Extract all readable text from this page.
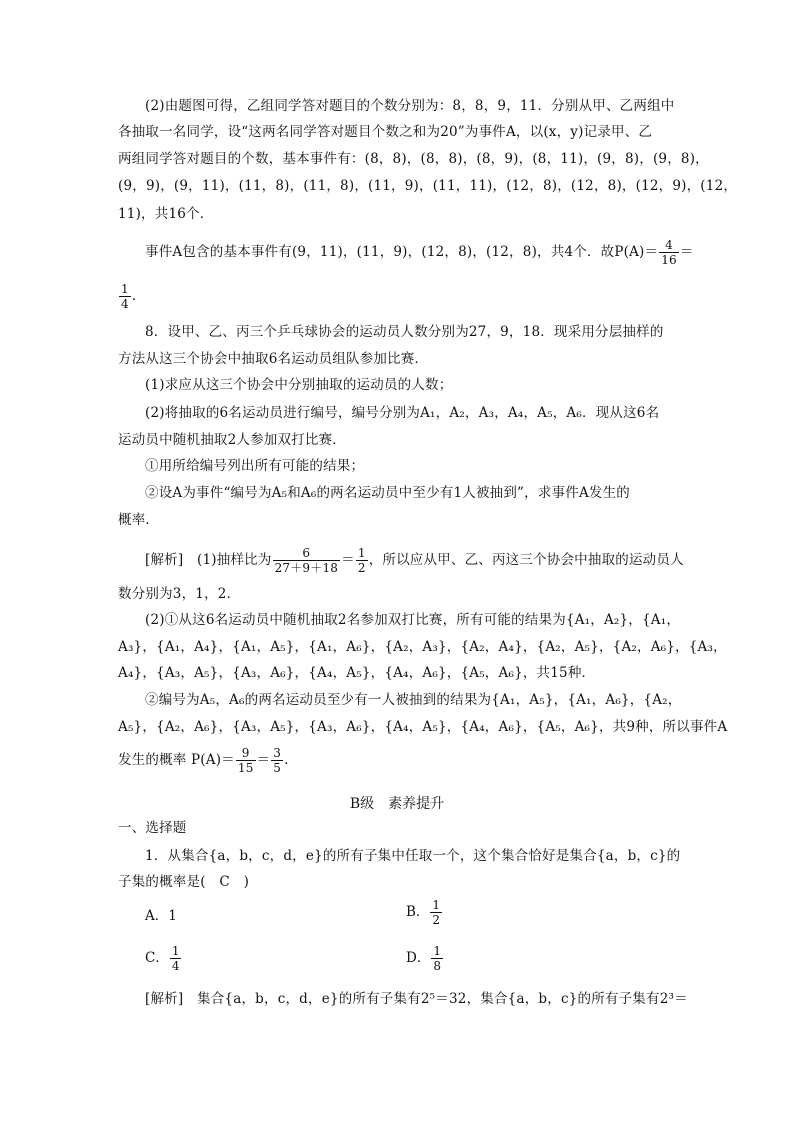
(2)由题图可得，乙组同学答对题目的个数分别为：8，8，9，11．分别从甲、乙两组中
各抽取一名同学，设“这两名同学答对题目个数之和为20”为事件A，以(x，y)记录甲、乙
两组同学答对题目的个数，基本事件有：(8，8)，(8，8)，(8，9)，(8，11)，(9，8)，(9，8)，
(9，9)，(9，11)，(11，8)，(11，8)，(11，9)，(11，11)，(12，8)，(12，8)，(12，9)，(12，
11)，共16个．
事件A包含的基本事件有(9，11)，(11，9)，(12，8)，(12，8)，共4个．故$P(A)= \frac{4}{16}$ ＝
$\frac{1}{4}$ .
8．设甲、乙、丙三个乒乓球协会的运动员人数分别为27，9，18．现采用分层抽样的
方法从这三个协会中抽取6名运动员组队参加比赛．
(1)求应从这三个协会中分别抽取的运动员的人数；
(2)将抽取的6名运动员进行编号，编号分别为A₁，A₂，A₃，A₄，A₅，A₆．现从这6名
运动员中随机抽取2人参加双打比赛．
①用所给编号列出所有可能的结果；
②设A为事件“编号为A₅和A₆的两名运动员中至少有1人被抽到”，求事件A发生的
概率．
[解析]　(1)抽样比为 $\frac{6}{27+9+18} = \frac{1}{2}$ ，所以应从甲、乙、丙这三个协会中抽取的运动员人
数分别为3，1，2．
(2)①从这6名运动员中随机抽取2名参加双打比赛，所有可能的结果为{A₁，A₂}，{A₁，
A₃}，{A₁，A₄}，{A₁，A₅}，{A₁，A₆}，{A₂，A₃}，{A₂，A₄}，{A₂，A₅}，{A₂，A₆}，{A₃，
A₄}，{A₃，A₅}，{A₃，A₆}，{A₄，A₅}，{A₄，A₆}，{A₅，A₆}，共15种．
②编号为A₅，A₆的两名运动员至少有一人被抽到的结果为{A₁，A₅}，{A₁，A₆}，{A₂，
A₅}，{A₂，A₆}，{A₃，A₅}，{A₃，A₆}，{A₄，A₅}，{A₄，A₆}，{A₅，A₆}，共9种，所以事件A
发生的概率 $P(A)= \frac{9}{15} = \frac{3}{5}$ .
B级　素养提升
一、选择题
1．从集合{a，b，c，d，e}的所有子集中任取一个，这个集合恰好是集合{a，b，c}的
子集的概率是(　C　)
A．1	B． $\frac{1}{2}$
C． $\frac{1}{4}$	D． $\frac{1}{8}$
[解析]　集合{a，b，c，d，e}的所有子集有2⁵＝32，集合{a，b，c}的所有子集有2³＝
